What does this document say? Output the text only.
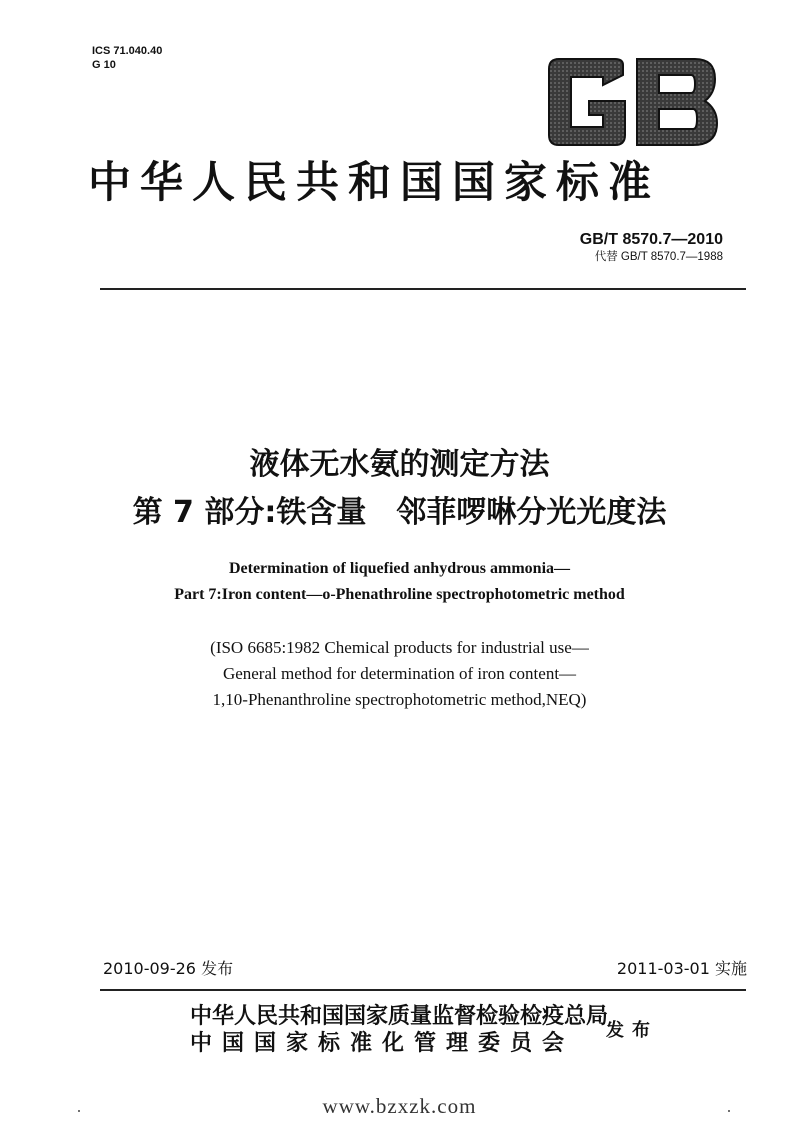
ICS 71.040.40
G 10
GB
中华人民共和国国家标准
GB/T 8570.7—2010
代替 GB/T 8570.7—1988
液体无水氨的测定方法
第 7 部分:铁含量　邻菲啰啉分光光度法
Determination of liquefied anhydrous ammonia—
Part 7:Iron content—o-Phenathroline spectrophotometric method
(ISO 6685:1982 Chemical products for industrial use—
General method for determination of iron content—
1,10-Phenanthroline spectrophotometric method,NEQ)
2010-09-26 发布	2011-03-01 实施
中华人民共和国国家质量监督检验检疫总局
中国国家标准化管理委员会
发布
www.bzxzk.com
